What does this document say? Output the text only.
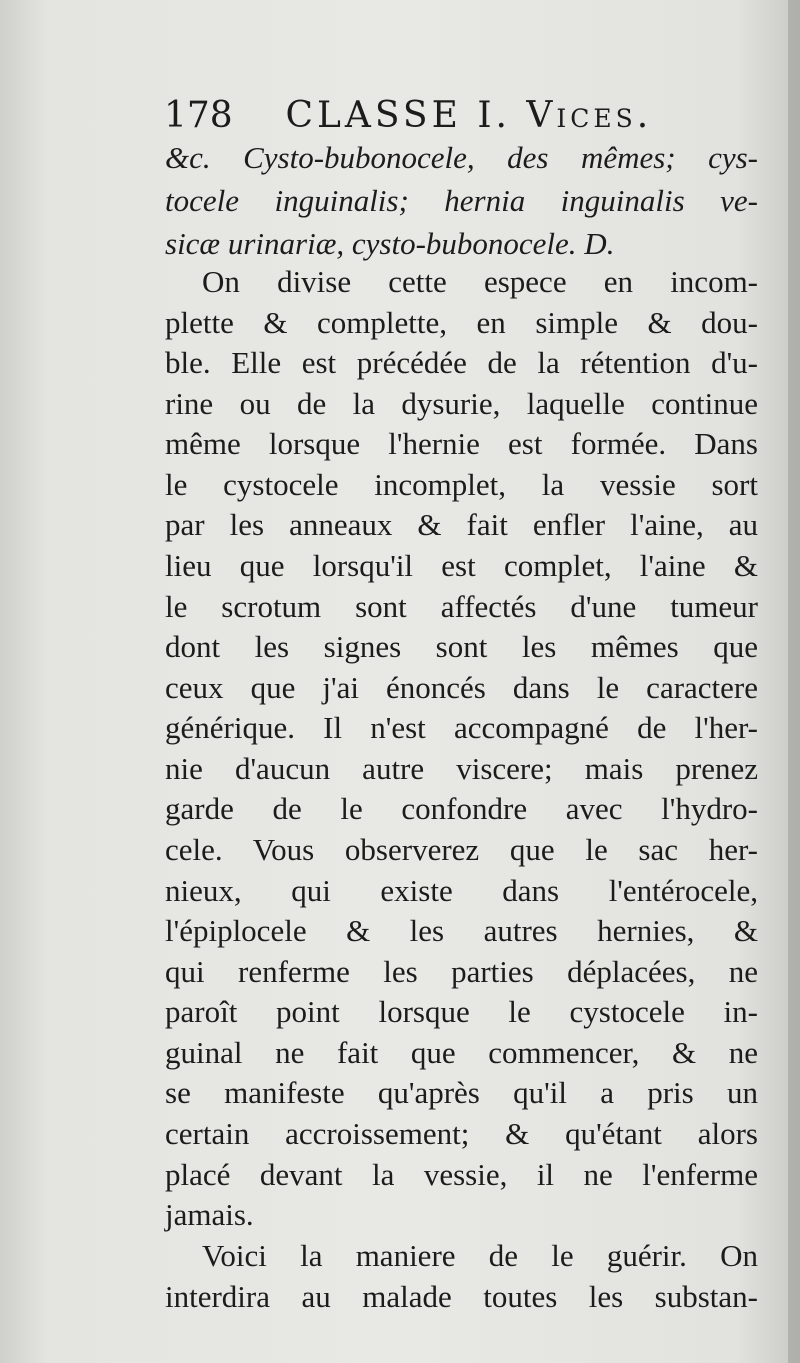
178 CLASSE I. Vices.
&c. Cysto-bubonocele, des mêmes; cys-
tocele inguinalis; hernia inguinalis ve-
sicæ urinariæ, cysto-bubonocele. D.
On divise cette espece en incom-
plette & complette, en simple & dou-
ble. Elle est précédée de la rétention d'u-
rine ou de la dysurie, laquelle continue
même lorsque l'hernie est formée. Dans
le cystocele incomplet, la vessie sort
par les anneaux & fait enfler l'aine, au
lieu que lorsqu'il est complet, l'aine &
le scrotum sont affectés d'une tumeur
dont les signes sont les mêmes que
ceux que j'ai énoncés dans le caractere
générique. Il n'est accompagné de l'her-
nie d'aucun autre viscere; mais prenez
garde de le confondre avec l'hydro-
cele. Vous observerez que le sac her-
nieux, qui existe dans l'entérocele,
l'épiplocele & les autres hernies, &
qui renferme les parties déplacées, ne
paroît point lorsque le cystocele in-
guinal ne fait que commencer, & ne
se manifeste qu'après qu'il a pris un
certain accroissement; & qu'étant alors
placé devant la vessie, il ne l'enferme
jamais.
Voici la maniere de le guérir. On
interdira au malade toutes les substan-
